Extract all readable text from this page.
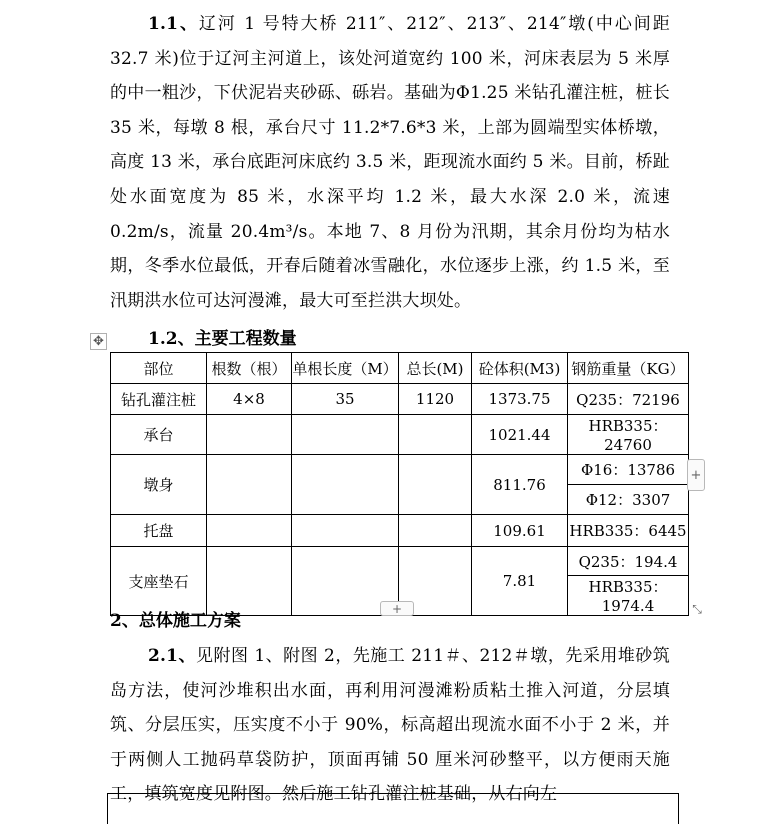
1.1、辽河 1 号特大桥 211″、212″、213″、214″墩(中心间距 32.7 米)位于辽河主河道上，该处河道宽约 100 米，河床表层为 5 米厚的中一粗沙，下伏泥岩夹砂砾、砾岩。基础为Φ1.25 米钻孔灌注桩，桩长 35 米，每墩 8 根，承台尺寸 11.2*7.6*3 米，上部为圆端型实体桥墩，高度 13 米，承台底距河床底约 3.5 米，距现流水面约 5 米。目前，桥趾处水面宽度为 85 米，水深平均 1.2 米，最大水深 2.0 米，流速 0.2m/s，流量 20.4m³/s。本地 7、8 月份为汛期，其余月份均为枯水期，冬季水位最低，开春后随着冰雪融化，水位逐步上涨，约 1.5 米，至汛期洪水位可达河漫滩，最大可至拦洪大坝处。

✥	1.2、主要工程数量

部位	根数（根）	单根长度（M）	总长(M)	砼体积(M3)	钢筋重量（KG）
钻孔灌注桩	4×8	35	1120	1373.75	Q235：72196
承台				1021.44	HRB335：24760
墩身				811.76	Φ16：13786
					Φ12：3307
托盘				109.61	HRB335：6445
支座垫石				7.81	Q235：194.4
					HRB335：1974.4
+
+	⤡

2、总体施工方案

2.1、见附图 1、附图 2，先施工 211＃、212＃墩，先采用堆砂筑岛方法，使河沙堆积出水面，再利用河漫滩粉质粘土推入河道，分层填筑、分层压实，压实度不小于 90%，标高超出现流水面不小于 2 米，并于两侧人工抛码草袋防护，顶面再铺 50 厘米河砂整平，以方便雨天施工，填筑宽度见附图。然后施工钻孔灌注桩基础，从右向左
